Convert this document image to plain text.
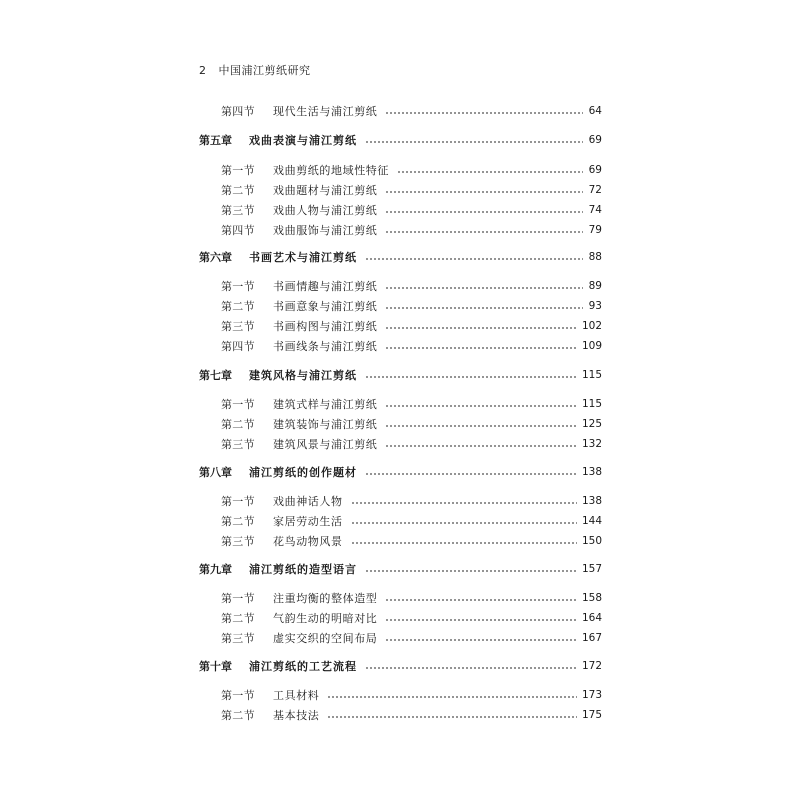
2 中国浦江剪纸研究
第四节	现代生活与浦江剪纸	64
第五章	戏曲表演与浦江剪纸	69
第一节	戏曲剪纸的地域性特征	69
第二节	戏曲题材与浦江剪纸	72
第三节	戏曲人物与浦江剪纸	74
第四节	戏曲服饰与浦江剪纸	79
第六章	书画艺术与浦江剪纸	88
第一节	书画情趣与浦江剪纸	89
第二节	书画意象与浦江剪纸	93
第三节	书画构图与浦江剪纸	102
第四节	书画线条与浦江剪纸	109
第七章	建筑风格与浦江剪纸	115
第一节	建筑式样与浦江剪纸	115
第二节	建筑装饰与浦江剪纸	125
第三节	建筑风景与浦江剪纸	132
第八章	浦江剪纸的创作题材	138
第一节	戏曲神话人物	138
第二节	家居劳动生活	144
第三节	花鸟动物风景	150
第九章	浦江剪纸的造型语言	157
第一节	注重均衡的整体造型	158
第二节	气韵生动的明暗对比	164
第三节	虚实交织的空间布局	167
第十章	浦江剪纸的工艺流程	172
第一节	工具材料	173
第二节	基本技法	175
